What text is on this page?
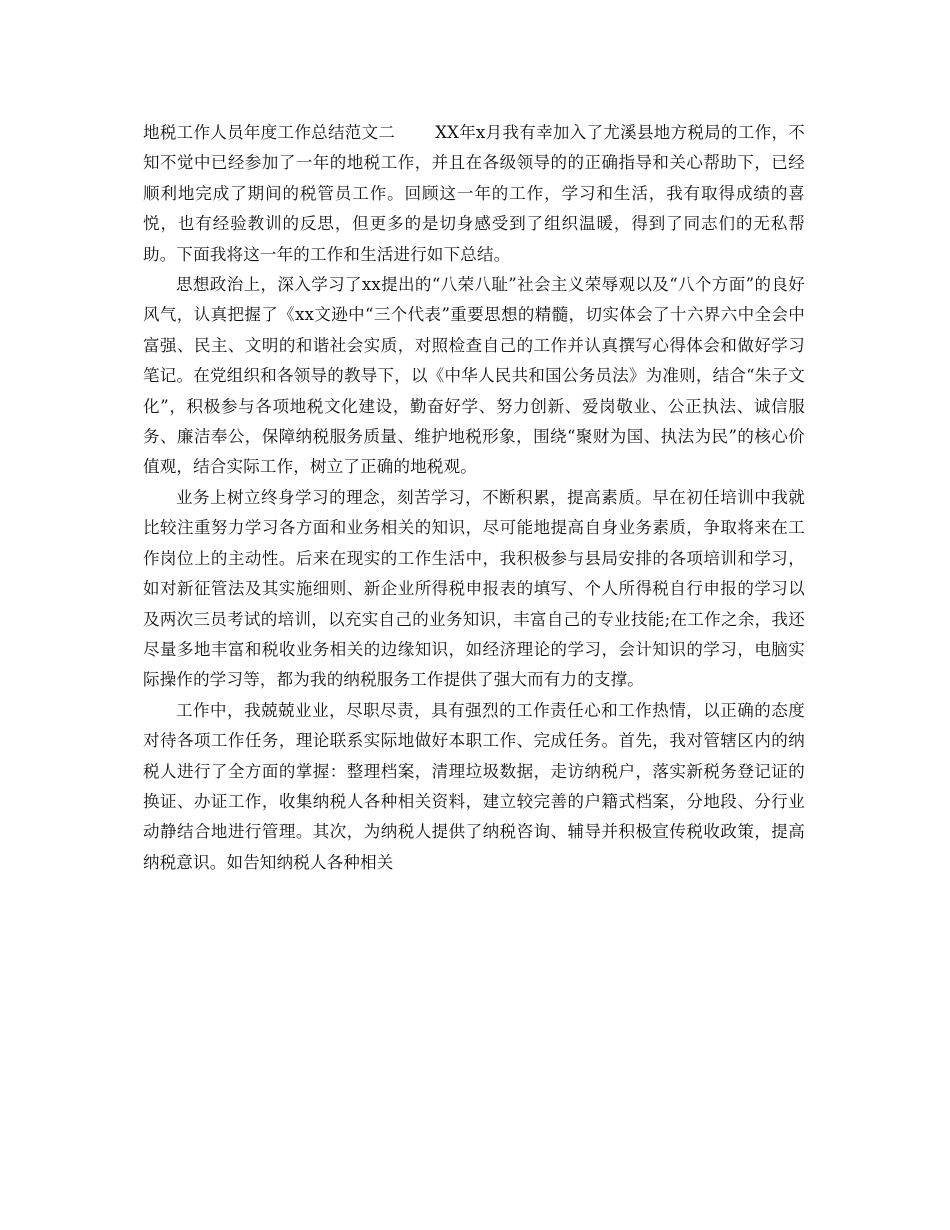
地税工作人员年度工作总结范文二 XX年x月我有幸加入了尤溪县地方税局的工作，不知不觉中已经参加了一年的地税工作，并且在各级领导的的正确指导和关心帮助下，已经顺利地完成了期间的税管员工作。回顾这一年的工作，学习和生活，我有取得成绩的喜悦，也有经验教训的反思，但更多的是切身感受到了组织温暖，得到了同志们的无私帮助。下面我将这一年的工作和生活进行如下总结。

思想政治上，深入学习了xx提出的“八荣八耻”社会主义荣辱观以及“八个方面”的良好风气，认真把握了《xx文逊中“三个代表”重要思想的精髓，切实体会了十六界六中全会中富强、民主、文明的和谐社会实质，对照检查自己的工作并认真撰写心得体会和做好学习笔记。在党组织和各领导的教导下，以《中华人民共和国公务员法》为准则，结合“朱子文化”，积极参与各项地税文化建设，勤奋好学、努力创新、爱岗敬业、公正执法、诚信服务、廉洁奉公，保障纳税服务质量、维护地税形象，围绕“聚财为国、执法为民”的核心价值观，结合实际工作，树立了正确的地税观。

业务上树立终身学习的理念，刻苦学习，不断积累，提高素质。早在初任培训中我就比较注重努力学习各方面和业务相关的知识，尽可能地提高自身业务素质，争取将来在工作岗位上的主动性。后来在现实的工作生活中，我积极参与县局安排的各项培训和学习，如对新征管法及其实施细则、新企业所得税申报表的填写、个人所得税自行申报的学习以及两次三员考试的培训，以充实自己的业务知识，丰富自己的专业技能;在工作之余，我还尽量多地丰富和税收业务相关的边缘知识，如经济理论的学习，会计知识的学习，电脑实际操作的学习等，都为我的纳税服务工作提供了强大而有力的支撑。

工作中，我兢兢业业，尽职尽责，具有强烈的工作责任心和工作热情，以正确的态度对待各项工作任务，理论联系实际地做好本职工作、完成任务。首先，我对管辖区内的纳税人进行了全方面的掌握：整理档案，清理垃圾数据，走访纳税户，落实新税务登记证的换证、办证工作，收集纳税人各种相关资料，建立较完善的户籍式档案，分地段、分行业动静结合地进行管理。其次，为纳税人提供了纳税咨询、辅导并积极宣传税收政策，提高纳税意识。如告知纳税人各种相关
